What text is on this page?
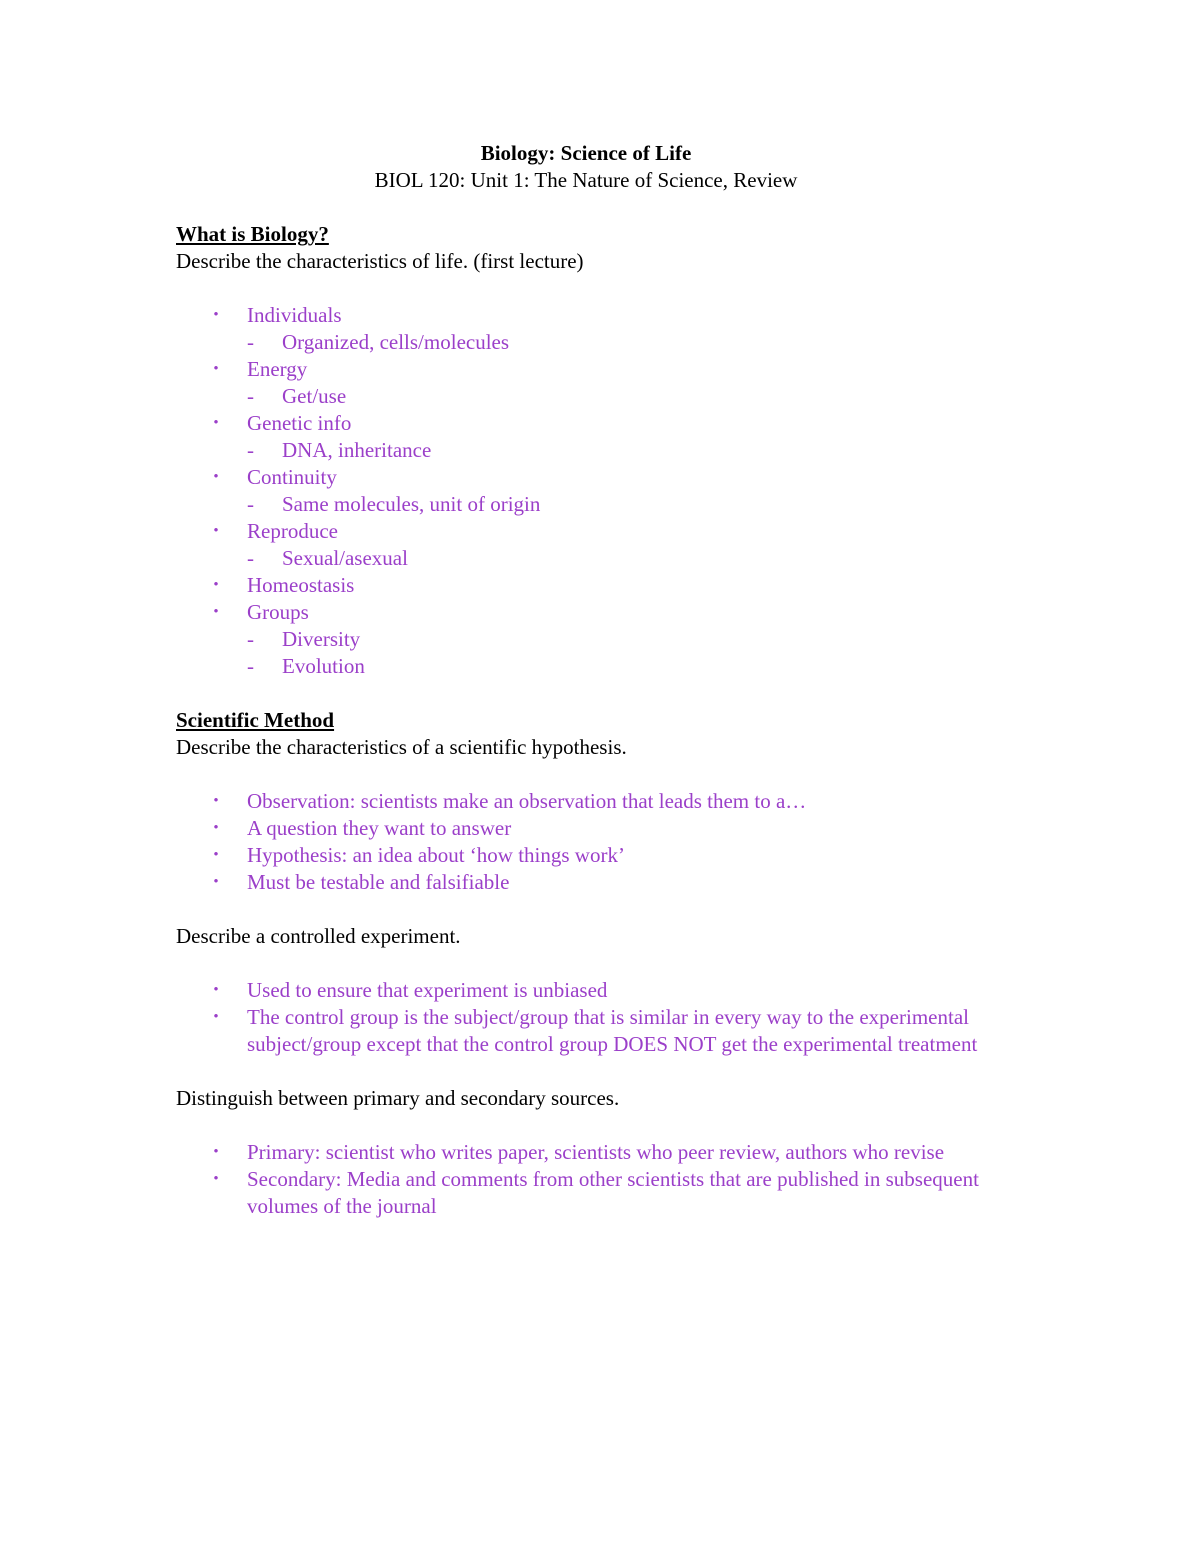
Biology: Science of Life

BIOL 120: Unit 1: The Nature of Science, Review

What is Biology?

Describe the characteristics of life. (first lecture)

• Individuals
- Organized, cells/molecules
• Energy
- Get/use
• Genetic info
- DNA, inheritance
• Continuity
- Same molecules, unit of origin
• Reproduce
- Sexual/asexual
• Homeostasis
• Groups
- Diversity
- Evolution

Scientific Method

Describe the characteristics of a scientific hypothesis.

• Observation: scientists make an observation that leads them to a…
• A question they want to answer
• Hypothesis: an idea about ‘how things work’
• Must be testable and falsifiable

Describe a controlled experiment.

• Used to ensure that experiment is unbiased
• The control group is the subject/group that is similar in every way to the experimental subject/group except that the control group DOES NOT get the experimental treatment

Distinguish between primary and secondary sources.

• Primary: scientist who writes paper, scientists who peer review, authors who revise
• Secondary: Media and comments from other scientists that are published in subsequent volumes of the journal
